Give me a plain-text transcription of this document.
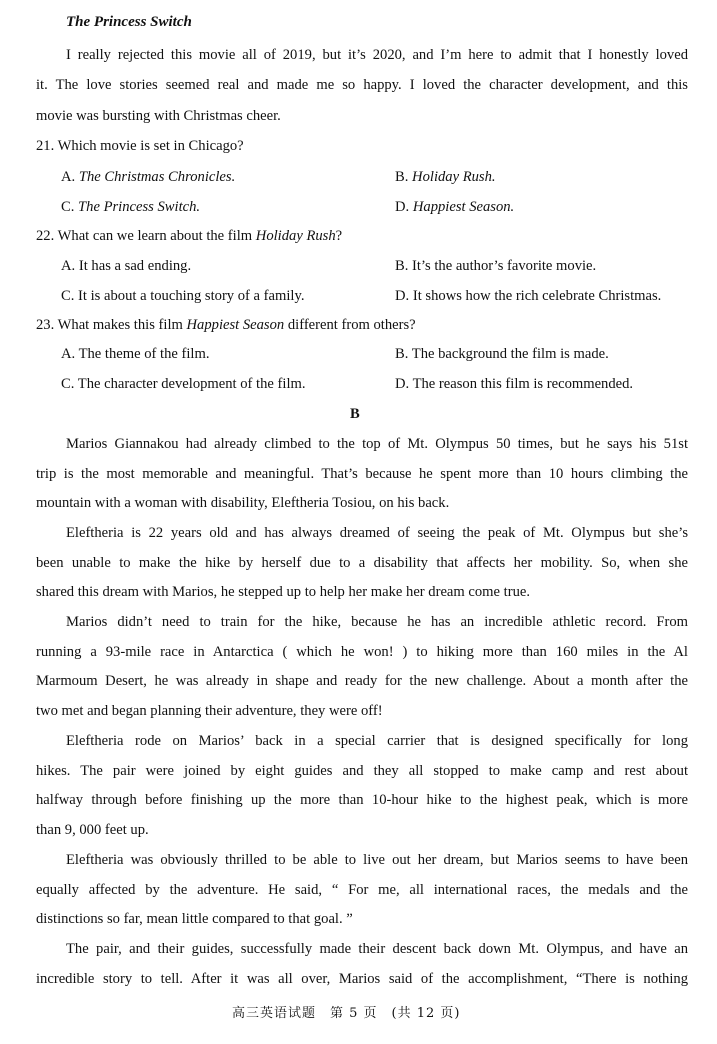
The Princess Switch
I really rejected this movie all of 2019, but it’s 2020, and I’m here to admit that I honestly loved
it. The love stories seemed real and made me so happy. I loved the character development, and this
movie was bursting with Christmas cheer.
21. Which movie is set in Chicago?
A. The Christmas Chronicles.	B. Holiday Rush.
C. The Princess Switch.	D. Happiest Season.
22. What can we learn about the film Holiday Rush?
A. It has a sad ending.	B. It’s the author’s favorite movie.
C. It is about a touching story of a family.	D. It shows how the rich celebrate Christmas.
23. What makes this film Happiest Season different from others?
A. The theme of the film.	B. The background the film is made.
C. The character development of the film.	D. The reason this film is recommended.
B
Marios Giannakou had already climbed to the top of Mt. Olympus 50 times, but he says his 51st
trip is the most memorable and meaningful. That’s because he spent more than 10 hours climbing the
mountain with a woman with disability, Eleftheria Tosiou, on his back.
Eleftheria is 22 years old and has always dreamed of seeing the peak of Mt. Olympus but she’s
been unable to make the hike by herself due to a disability that affects her mobility. So, when she
shared this dream with Marios, he stepped up to help her make her dream come true.
Marios didn’t need to train for the hike, because he has an incredible athletic record. From
running a 93-mile race in Antarctica ( which he won! ) to hiking more than 160 miles in the Al
Marmoum Desert, he was already in shape and ready for the new challenge. About a month after the
two met and began planning their adventure, they were off!
Eleftheria rode on Marios’ back in a special carrier that is designed specifically for long
hikes. The pair were joined by eight guides and they all stopped to make camp and rest about
halfway through before finishing up the more than 10-hour hike to the highest peak, which is more
than 9, 000 feet up.
Eleftheria was obviously thrilled to be able to live out her dream, but Marios seems to have been
equally affected by the adventure. He said, “ For me, all international races, the medals and the
distinctions so far, mean little compared to that goal. ”
The pair, and their guides, successfully made their descent back down Mt. Olympus, and have an
incredible story to tell. After it was all over, Marios said of the accomplishment, “There is nothing
高三英语试题　第 5 页　(共 12 页)
